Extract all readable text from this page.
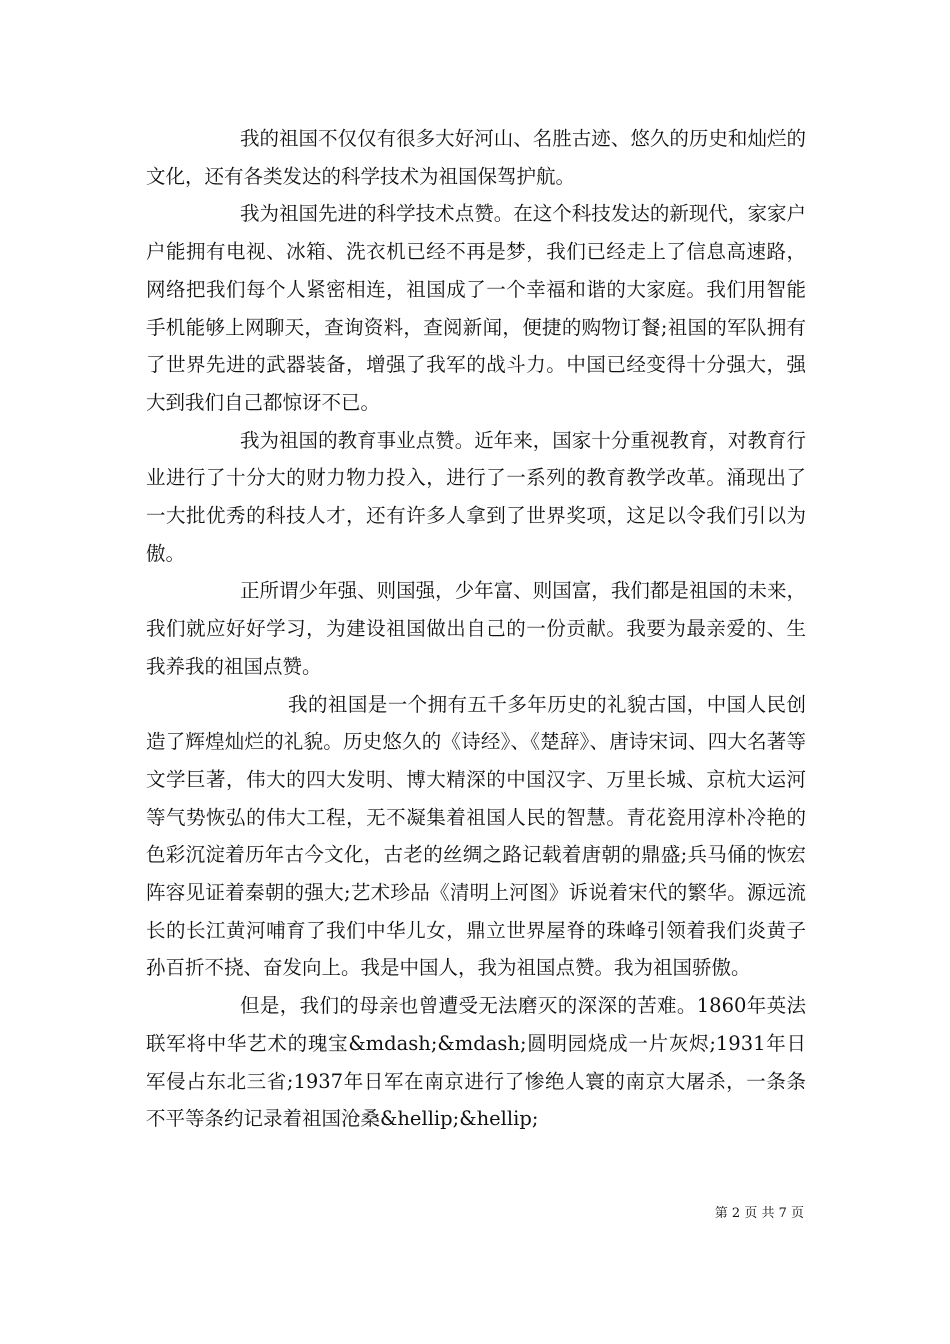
我的祖国不仅仅有很多大好河山、名胜古迹、悠久的历史和灿烂的文化，还有各类发达的科学技术为祖国保驾护航。

我为祖国先进的科学技术点赞。在这个科技发达的新现代，家家户户能拥有电视、冰箱、洗衣机已经不再是梦，我们已经走上了信息高速路，网络把我们每个人紧密相连，祖国成了一个幸福和谐的大家庭。我们用智能手机能够上网聊天，查询资料，查阅新闻，便捷的购物订餐;祖国的军队拥有了世界先进的武器装备，增强了我军的战斗力。中国已经变得十分强大，强大到我们自己都惊讶不已。

我为祖国的教育事业点赞。近年来，国家十分重视教育，对教育行业进行了十分大的财力物力投入，进行了一系列的教育教学改革。涌现出了一大批优秀的科技人才，还有许多人拿到了世界奖项，这足以令我们引以为傲。

正所谓少年强、则国强，少年富、则国富，我们都是祖国的未来，我们就应好好学习，为建设祖国做出自己的一份贡献。我要为最亲爱的、生我养我的祖国点赞。

我的祖国是一个拥有五千多年历史的礼貌古国，中国人民创造了辉煌灿烂的礼貌。历史悠久的《诗经》、《楚辞》、唐诗宋词、四大名著等文学巨著，伟大的四大发明、博大精深的中国汉字、万里长城、京杭大运河等气势恢弘的伟大工程，无不凝集着祖国人民的智慧。青花瓷用淳朴冷艳的色彩沉淀着历年古今文化，古老的丝绸之路记载着唐朝的鼎盛;兵马俑的恢宏阵容见证着秦朝的强大;艺术珍品《清明上河图》诉说着宋代的繁华。源远流长的长江黄河哺育了我们中华儿女，鼎立世界屋脊的珠峰引领着我们炎黄子孙百折不挠、奋发向上。我是中国人，我为祖国点赞。我为祖国骄傲。

但是，我们的母亲也曾遭受无法磨灭的深深的苦难。1860年英法联军将中华艺术的瑰宝&mdash;&mdash;圆明园烧成一片灰烬;1931年日军侵占东北三省;1937年日军在南京进行了惨绝人寰的南京大屠杀，一条条不平等条约记录着祖国沧桑&hellip;&hellip;

第 2 页 共 7 页
